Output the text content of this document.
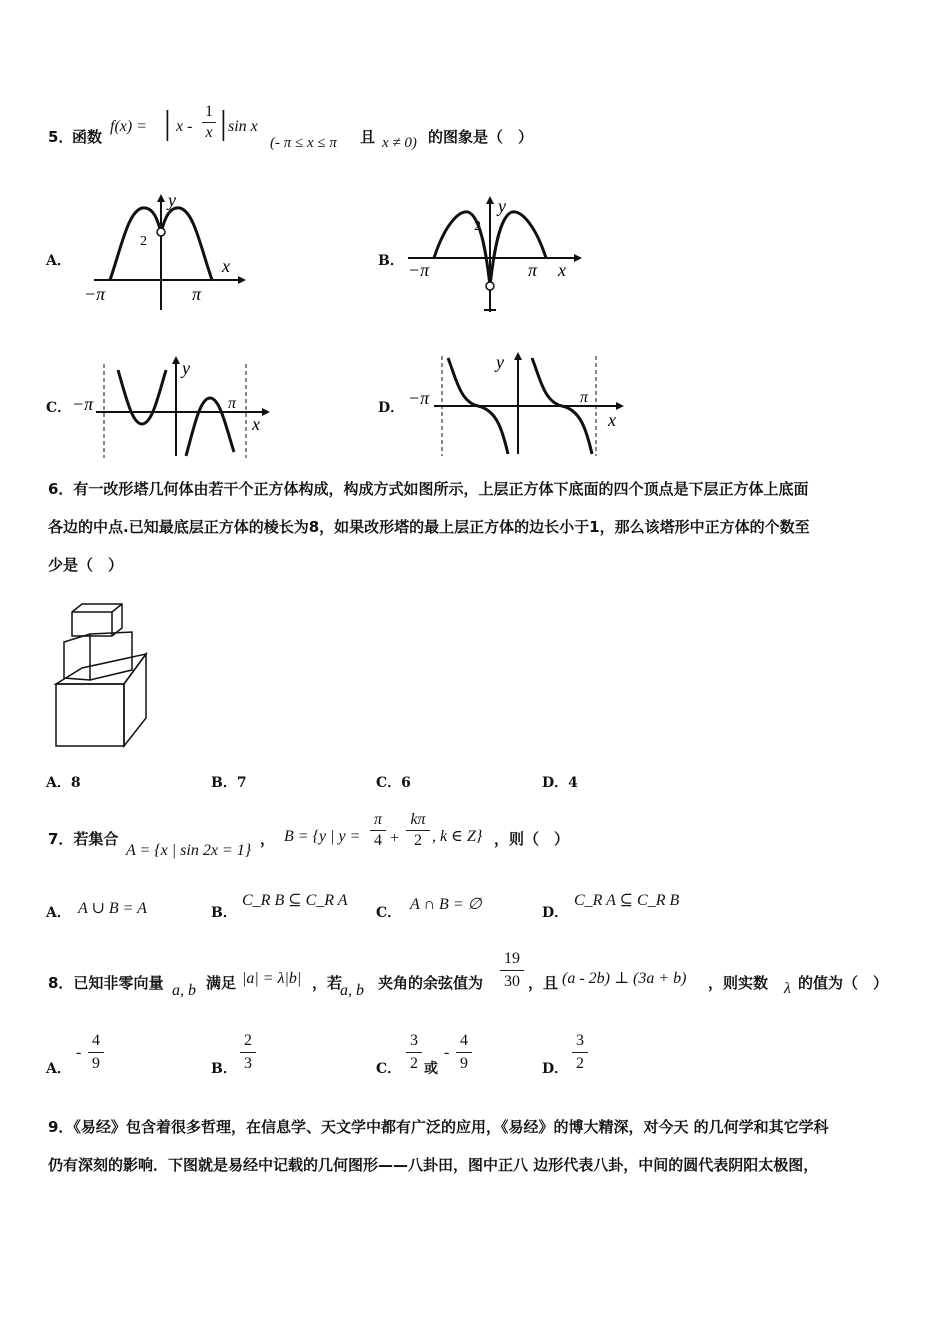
5．
函数
f(x) = | x -
1
x | sin x
(- π ≤ x ≤ π 且 x ≠ 0) 的图象是（　）
A．
2
y
x
−π	π
B．
2
y
x
−π	π
C． −π	π
y
x
D． −π	π
y
x
6．有一改形塔几何体由若干个正方体构成，构成方式如图所示，上层正方体下底面的四个顶点是下层正方体上底面
各边的中点.已知最底层正方体的棱长为8，如果改形塔的最上层正方体的边长小于1，那么该塔形中正方体的个数至
少是（　）
A．8	B．7	C．6	D．4
7．若集合
A = {x | sin 2x = 1}
， B = {y | y =
π
4 +
kπ
2 , k ∈ Z} ，则（　）
A． A ∪ B = A	B．
C_R B ⊆ C_R A
C． A ∩ B = ∅	D．
C_R A ⊆ C_R B
8．已知非零向量 a, b 满足 |a| = λ|b| ，若
a, b 夹角的余弦值为
19
30 ，且 (a - 2b) ⊥ (3a + b) ，则实数 λ 的值为（　）
A．
-
4
9	B．
2
3	C．
3
2 或
-
4
9	D．
3
2
9．《易经》包含着很多哲理，在信息学、天文学中都有广泛的应用，《易经》的博大精深，对今天 的几何学和其它学科
仍有深刻的影响．下图就是易经中记载的几何图形——八卦田，图中正八 边形代表八卦，中间的圆代表阴阳太极图，
